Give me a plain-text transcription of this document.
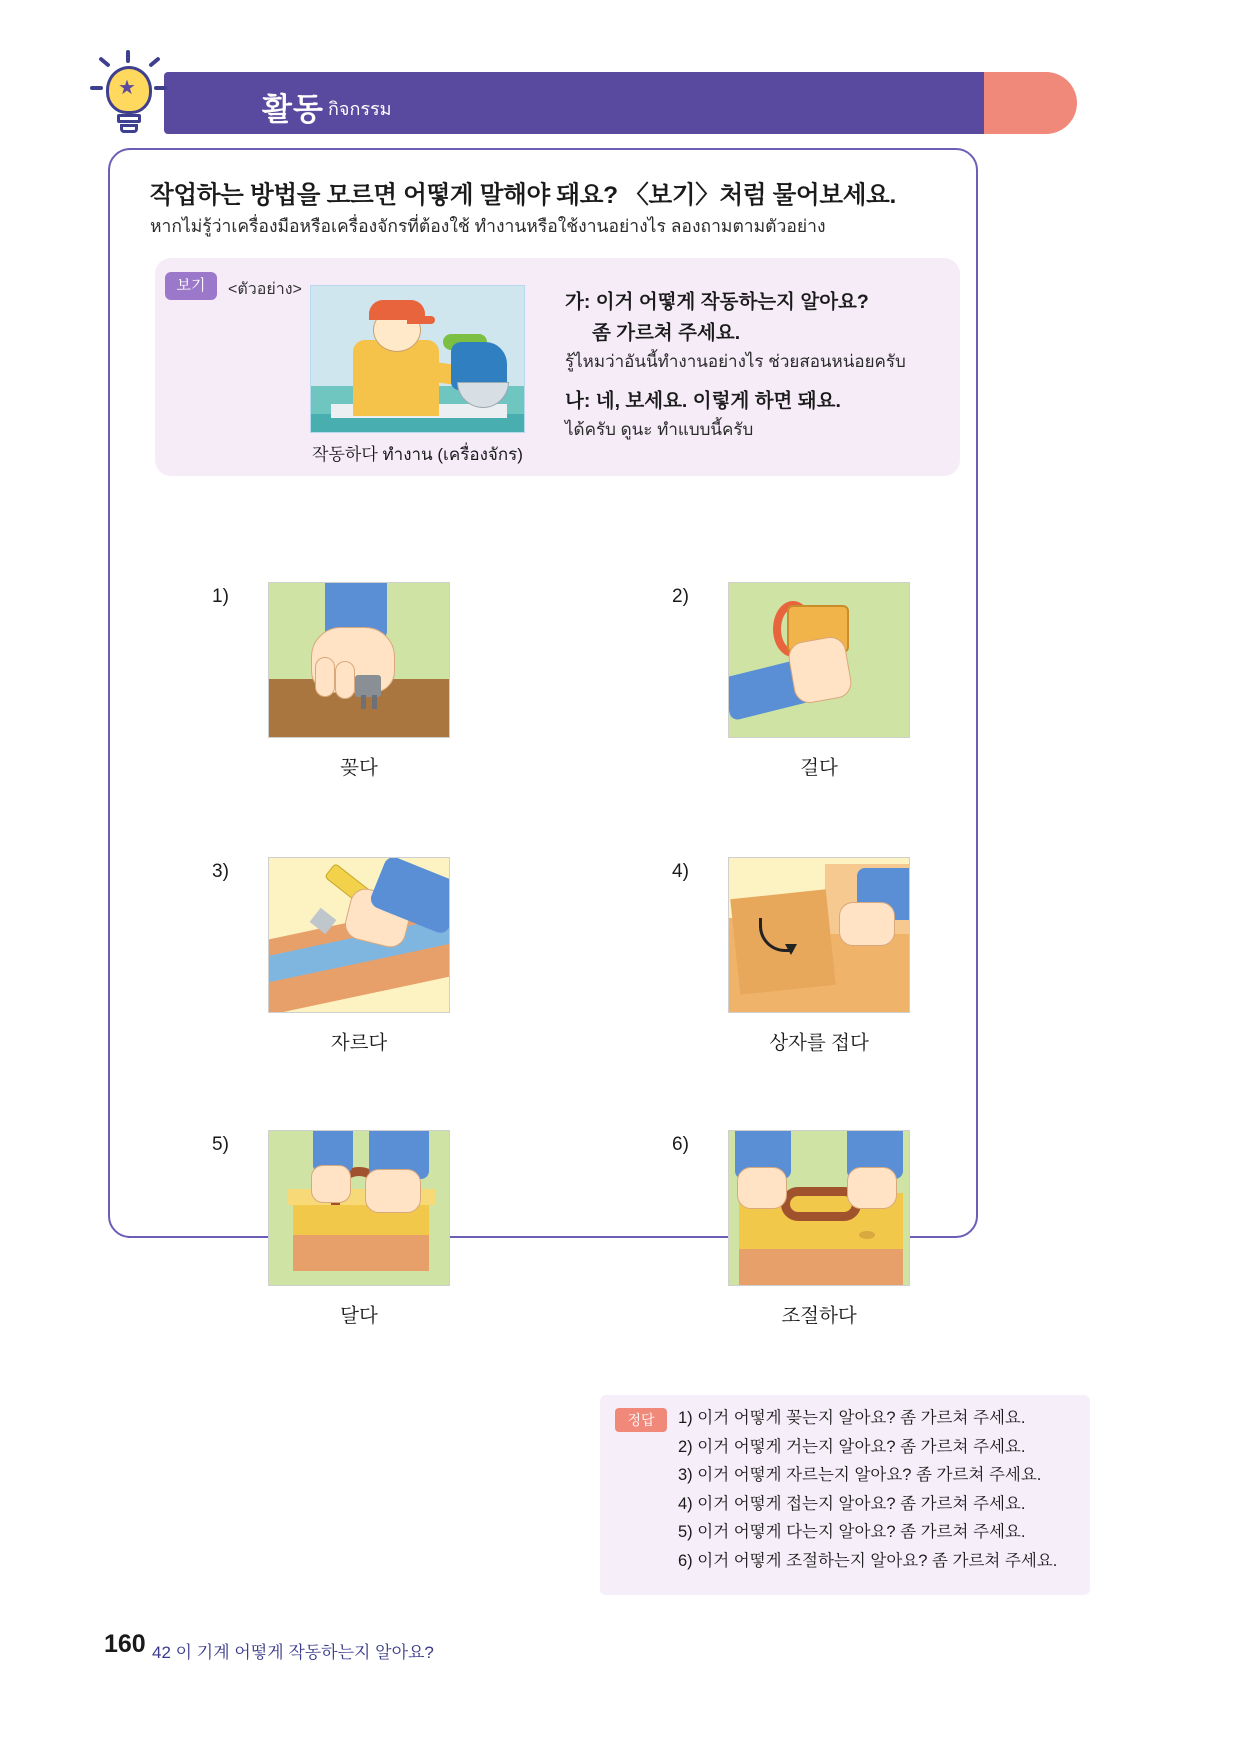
★
활동 กิจกรรม
작업하는 방법을 모르면 어떻게 말해야 돼요? 〈보기〉처럼 물어보세요.
หากไม่รู้ว่าเครื่องมือหรือเครื่องจักรที่ต้องใช้ ทำงานหรือใช้งานอย่างไร ลองถามตามตัวอย่าง
보기	<ตัวอย่าง>
작동하다 ทำงาน (เครื่องจักร)
가: 이거 어떻게 작동하는지 알아요?
좀 가르쳐 주세요.
รู้ไหมว่าอันนี้ทำงานอย่างไร ช่วยสอนหน่อยครับ
나: 네, 보세요. 이렇게 하면 돼요.
ได้ครับ ดูนะ ทำแบบนี้ครับ
1)
꽂다
2)
걸다
3)
자르다
4)
상자를 접다
5)
달다
6)
조절하다
정답	1) 이거 어떻게 꽂는지 알아요? 좀 가르쳐 주세요.
2) 이거 어떻게 거는지 알아요? 좀 가르쳐 주세요.
3) 이거 어떻게 자르는지 알아요? 좀 가르쳐 주세요.
4) 이거 어떻게 접는지 알아요? 좀 가르쳐 주세요.
5) 이거 어떻게 다는지 알아요? 좀 가르쳐 주세요.
6) 이거 어떻게 조절하는지 알아요? 좀 가르쳐 주세요.
160 42 이 기계 어떻게 작동하는지 알아요?
